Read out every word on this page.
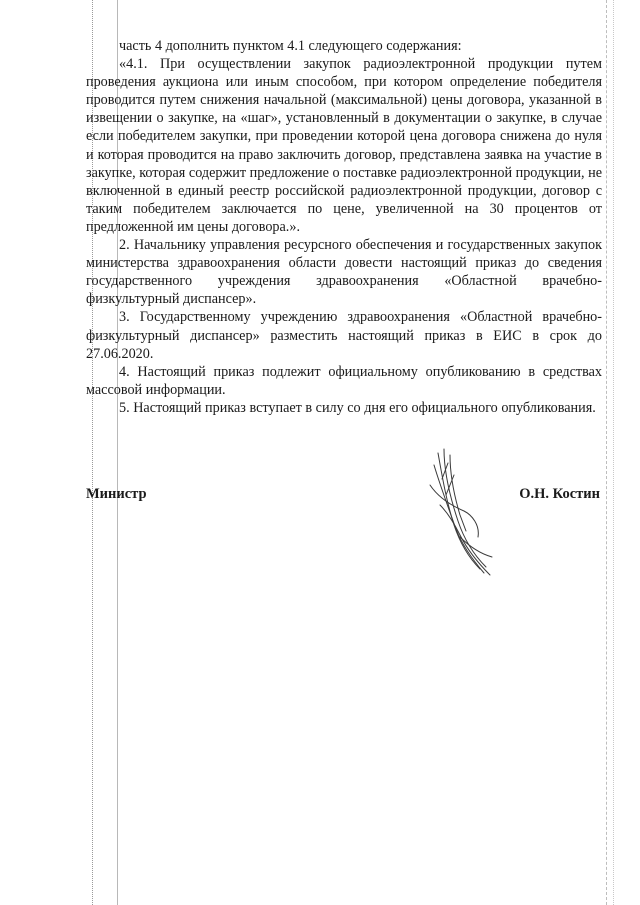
часть 4 дополнить пунктом 4.1 следующего содержания:

«4.1. При осуществлении закупок радиоэлектронной продукции путем проведения аукциона или иным способом, при котором определение победителя проводится путем снижения начальной (максимальной) цены договора, указанной в извещении о закупке, на «шаг», установленный в документации о закупке, в случае если победителем закупки, при проведении которой цена договора снижена до нуля и которая проводится на право заключить договор, представлена заявка на участие в закупке, которая содержит предложение о поставке радиоэлектронной продукции, не включенной в единый реестр российской радиоэлектронной продукции, договор с таким победителем заключается по цене, увеличенной на 30 процентов от предложенной им цены договора.».

2. Начальнику управления ресурсного обеспечения и государственных закупок министерства здравоохранения области довести настоящий приказ до сведения государственного учреждения здравоохранения «Областной врачебно-физкультурный диспансер».

3. Государственному учреждению здравоохранения «Областной врачебно-физкультурный диспансер» разместить настоящий приказ в ЕИС в срок до 27.06.2020.

4. Настоящий приказ подлежит официальному опубликованию в средствах массовой информации.

5. Настоящий приказ вступает в силу со дня его официального опубликования.

Министр	О.Н. Костин
